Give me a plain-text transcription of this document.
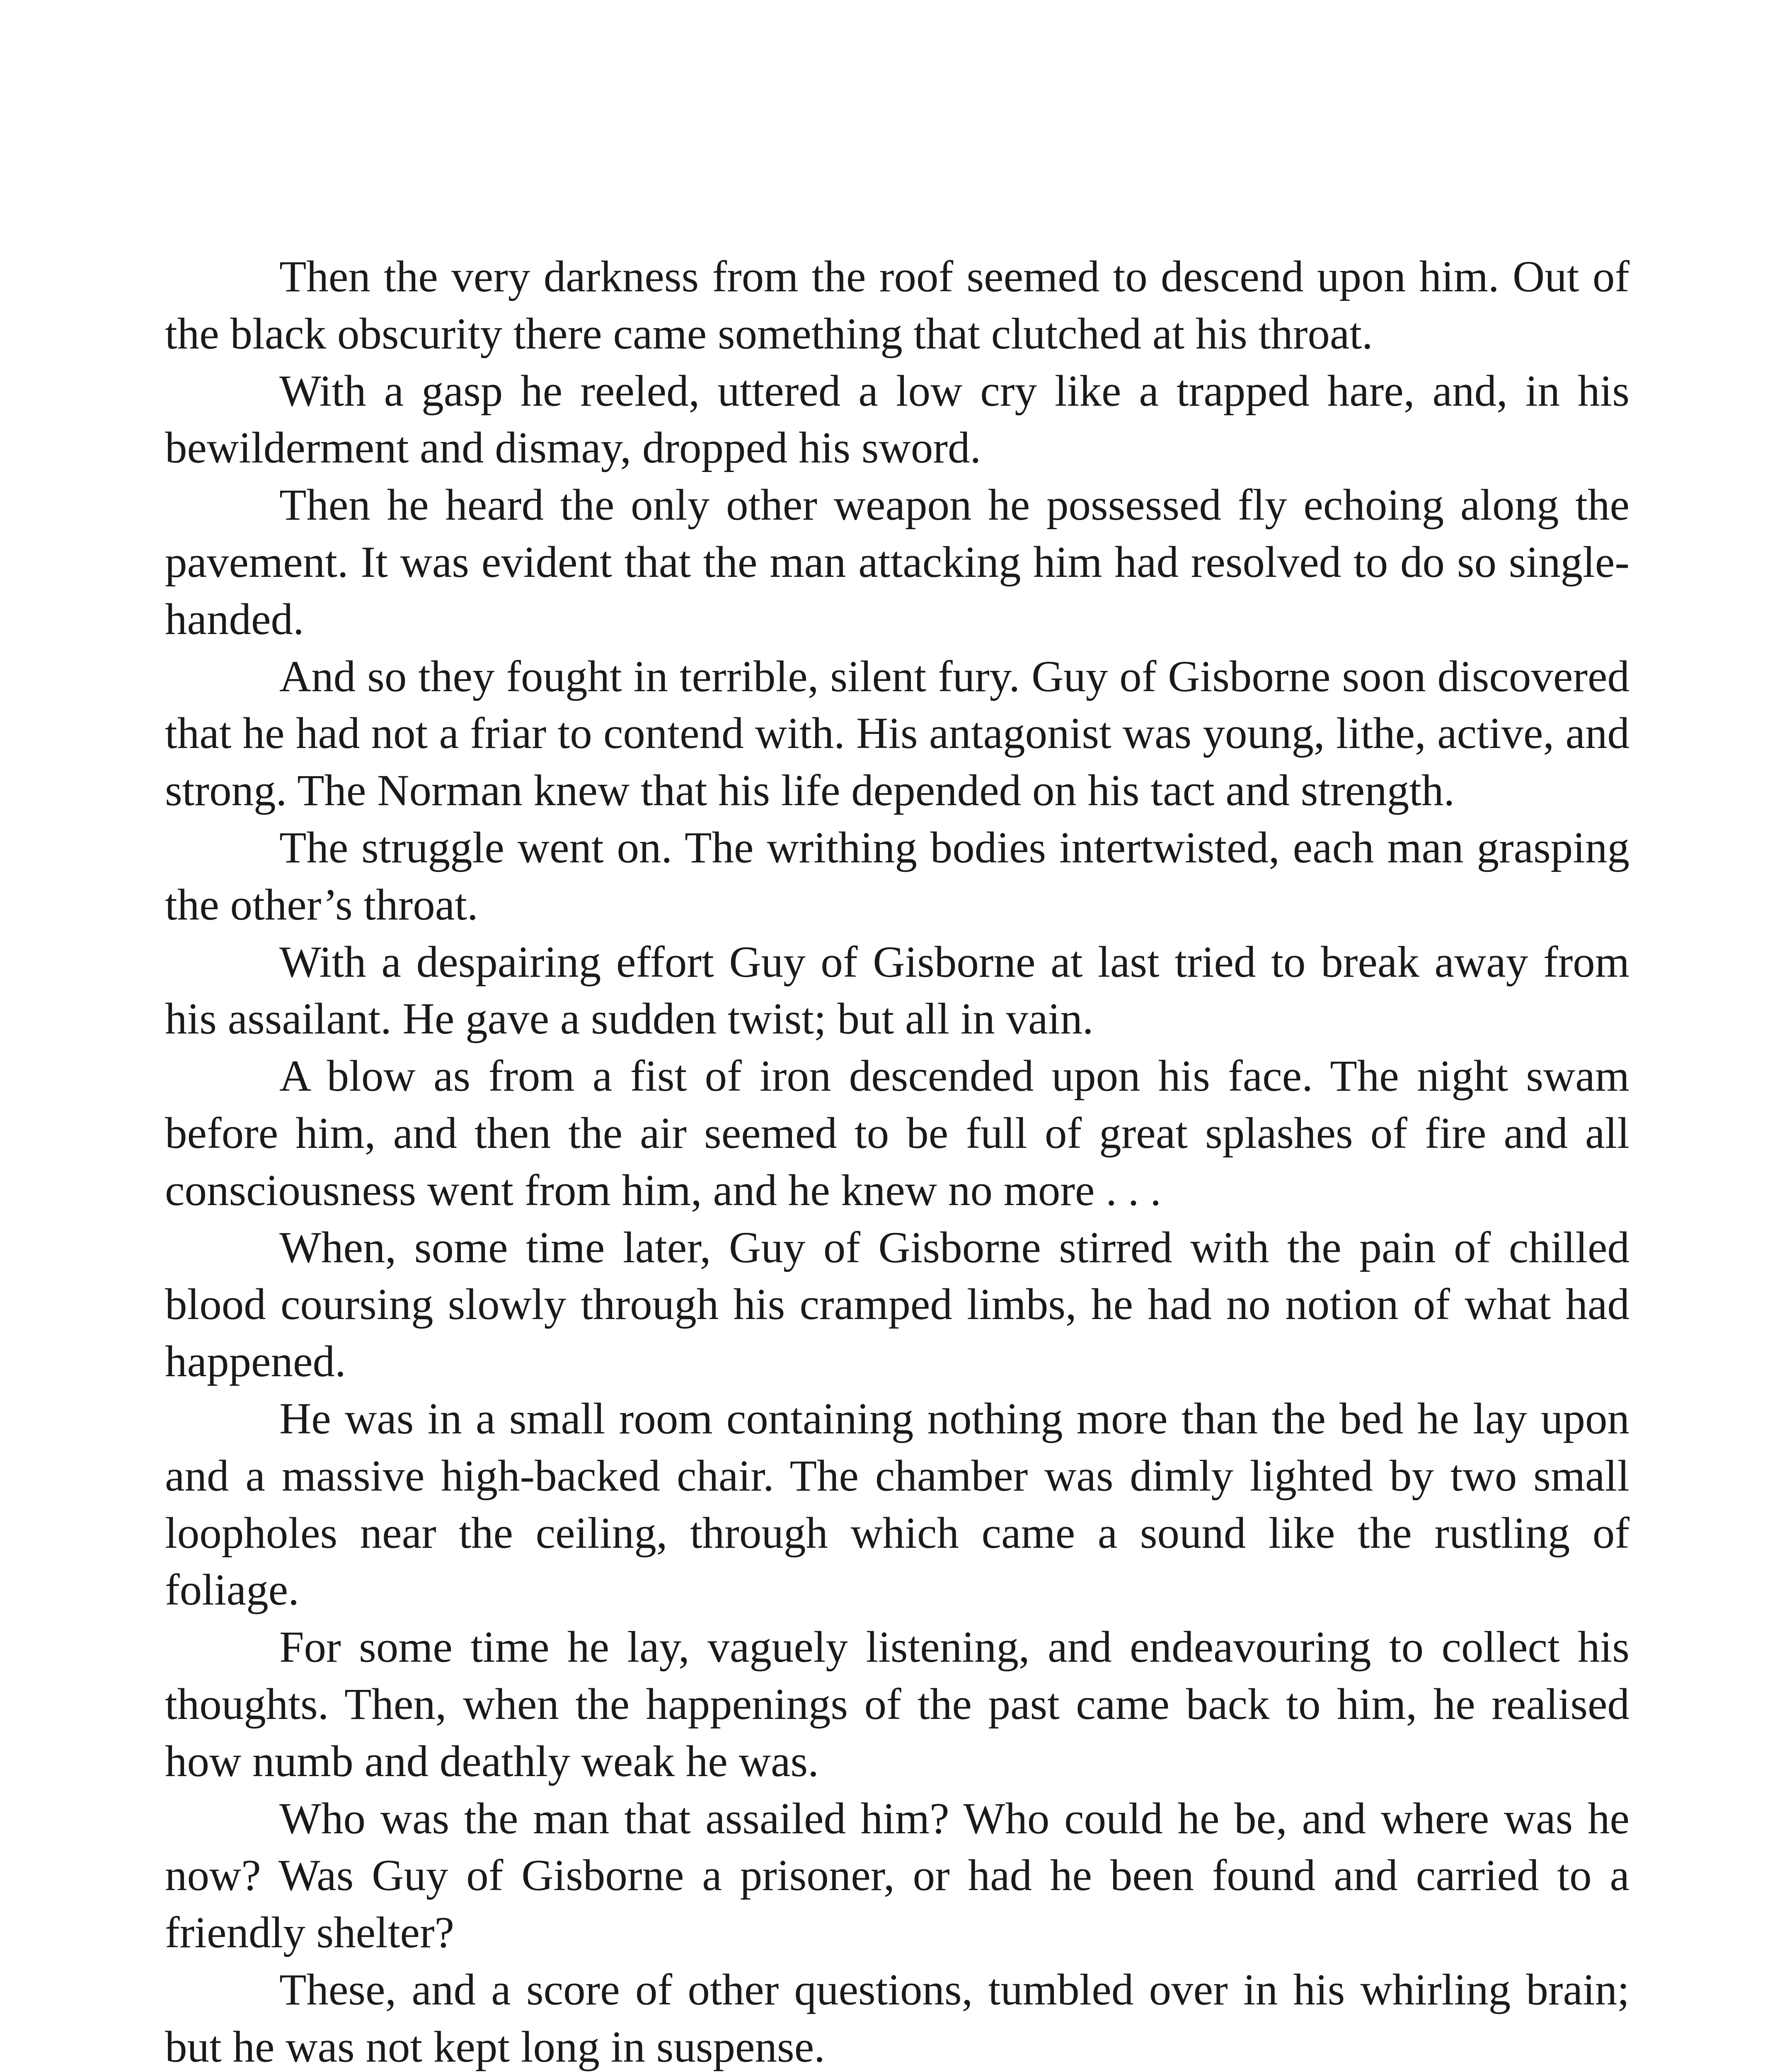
Then the very darkness from the roof seemed to descend upon him. Out of the black obscurity there came something that clutched at his throat.

With a gasp he reeled, uttered a low cry like a trapped hare, and, in his bewilderment and dismay, dropped his sword.

Then he heard the only other weapon he possessed fly echoing along the pavement. It was evident that the man attacking him had resolved to do so single-handed.

And so they fought in terrible, silent fury. Guy of Gisborne soon discovered that he had not a friar to contend with. His antagonist was young, lithe, active, and strong. The Norman knew that his life depended on his tact and strength.

The struggle went on. The writhing bodies intertwisted, each man grasping the other’s throat.

With a despairing effort Guy of Gisborne at last tried to break away from his assailant. He gave a sudden twist; but all in vain.

A blow as from a fist of iron descended upon his face. The night swam before him, and then the air seemed to be full of great splashes of fire and all consciousness went from him, and he knew no more . . .

When, some time later, Guy of Gisborne stirred with the pain of chilled blood coursing slowly through his cramped limbs, he had no notion of what had happened.

He was in a small room containing nothing more than the bed he lay upon and a massive high-backed chair. The chamber was dimly lighted by two small loopholes near the ceiling, through which came a sound like the rustling of foliage.

For some time he lay, vaguely listening, and endeavouring to collect his thoughts. Then, when the happenings of the past came back to him, he realised how numb and deathly weak he was.

Who was the man that assailed him? Who could he be, and where was he now? Was Guy of Gisborne a prisoner, or had he been found and carried to a friendly shelter?

These, and a score of other questions, tumbled over in his whirling brain; but he was not kept long in suspense.
